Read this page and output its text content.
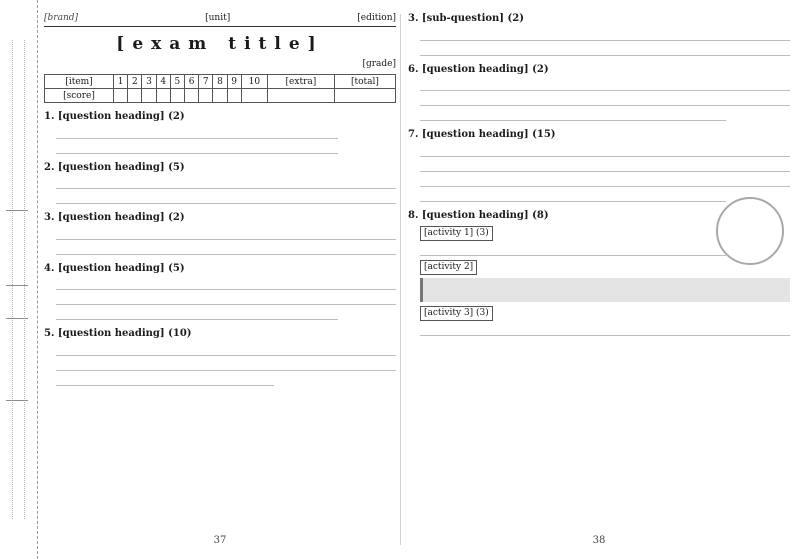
[brand]	[unit]	[edition]
[exam title]
[grade]
[item]	1	2	3	4	5	6	7	8	9	10	[extra]	[total]
[score]												
1. [question heading] (2)
2. [question heading] (5)
3. [question heading] (2)
4. [question heading] (5)
5. [question heading] (10)
37
3. [sub-question] (2)
6. [question heading] (2)
7. [question heading] (15)
8. [question heading] (8)
[activity 1] (3)
[activity 2]
[activity 3] (3)
38
